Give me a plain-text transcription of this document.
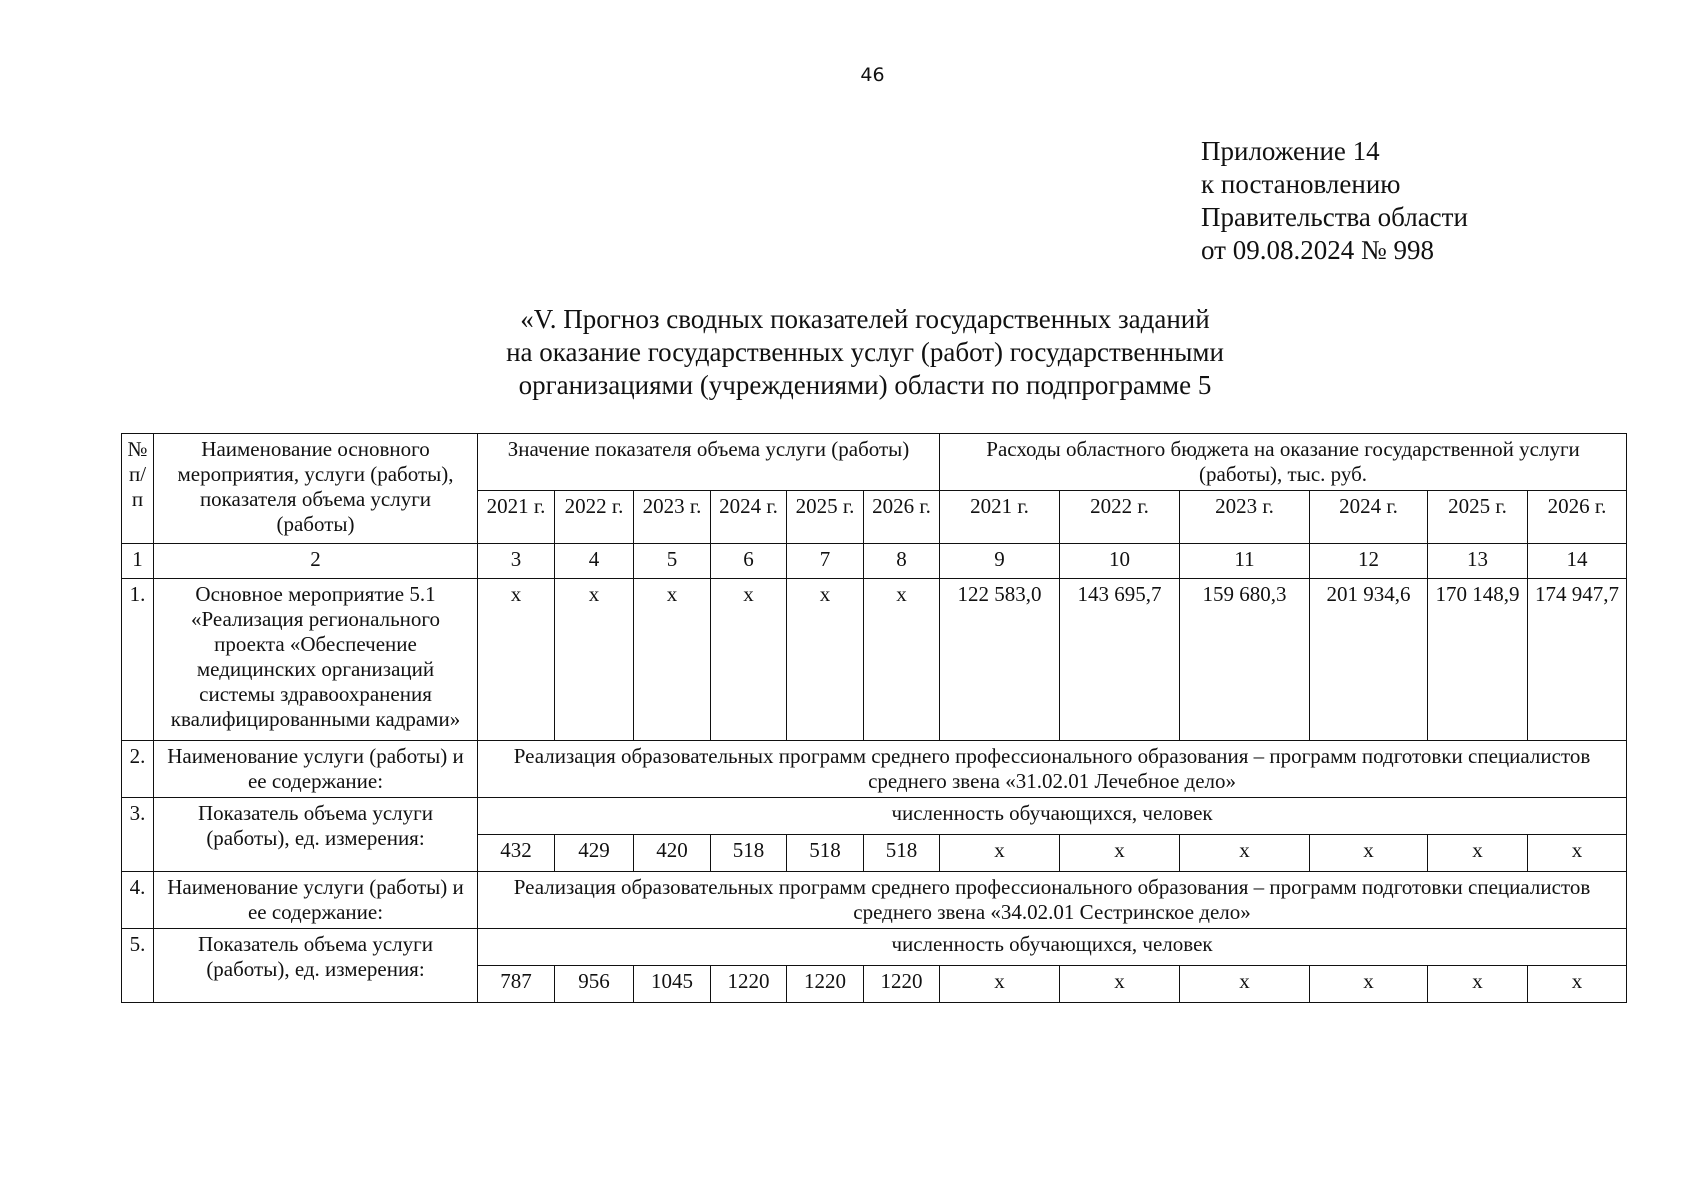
46
Приложение 14
к постановлению
Правительства области
от 09.08.2024 № 998
«V. Прогноз сводных показателей государственных заданий
на оказание государственных услуг (работ) государственными
организациями (учреждениями) области по подпрограмме 5
№ п/п	Наименование основного мероприятия, услуги (работы), показателя объема услуги (работы)	Значение показателя объема услуги (работы)						Расходы областного бюджета на оказание государственной услуги (работы), тыс. руб.					
		2021 г.	2022 г.	2023 г.	2024 г.	2025 г.	2026 г.	2021 г.	2022 г.	2023 г.	2024 г.	2025 г.	2026 г.
1	2	3	4	5	6	7	8	9	10	11	12	13	14
1.	Основное мероприятие 5.1 «Реализация регионального проекта «Обеспечение медицинских организаций системы здравоохранения квалифицированными кадрами»	х	х	х	х	х	х	122 583,0	143 695,7	159 680,3	201 934,6	170 148,9	174 947,7
2.	Наименование услуги (работы) и ее содержание:	Реализация образовательных программ среднего профессионального образования – программ подготовки специалистов среднего звена «31.02.01 Лечебное дело»											
3.	Показатель объема услуги (работы), ед. измерения:	численность обучающихся, человек											
		432	429	420	518	518	518	х	х	х	х	х	х
4.	Наименование услуги (работы) и ее содержание:	Реализация образовательных программ среднего профессионального образования – программ подготовки специалистов среднего звена «34.02.01 Сестринское дело»											
5.	Показатель объема услуги (работы), ед. измерения:	численность обучающихся, человек											
		787	956	1045	1220	1220	1220	х	х	х	х	х	х
